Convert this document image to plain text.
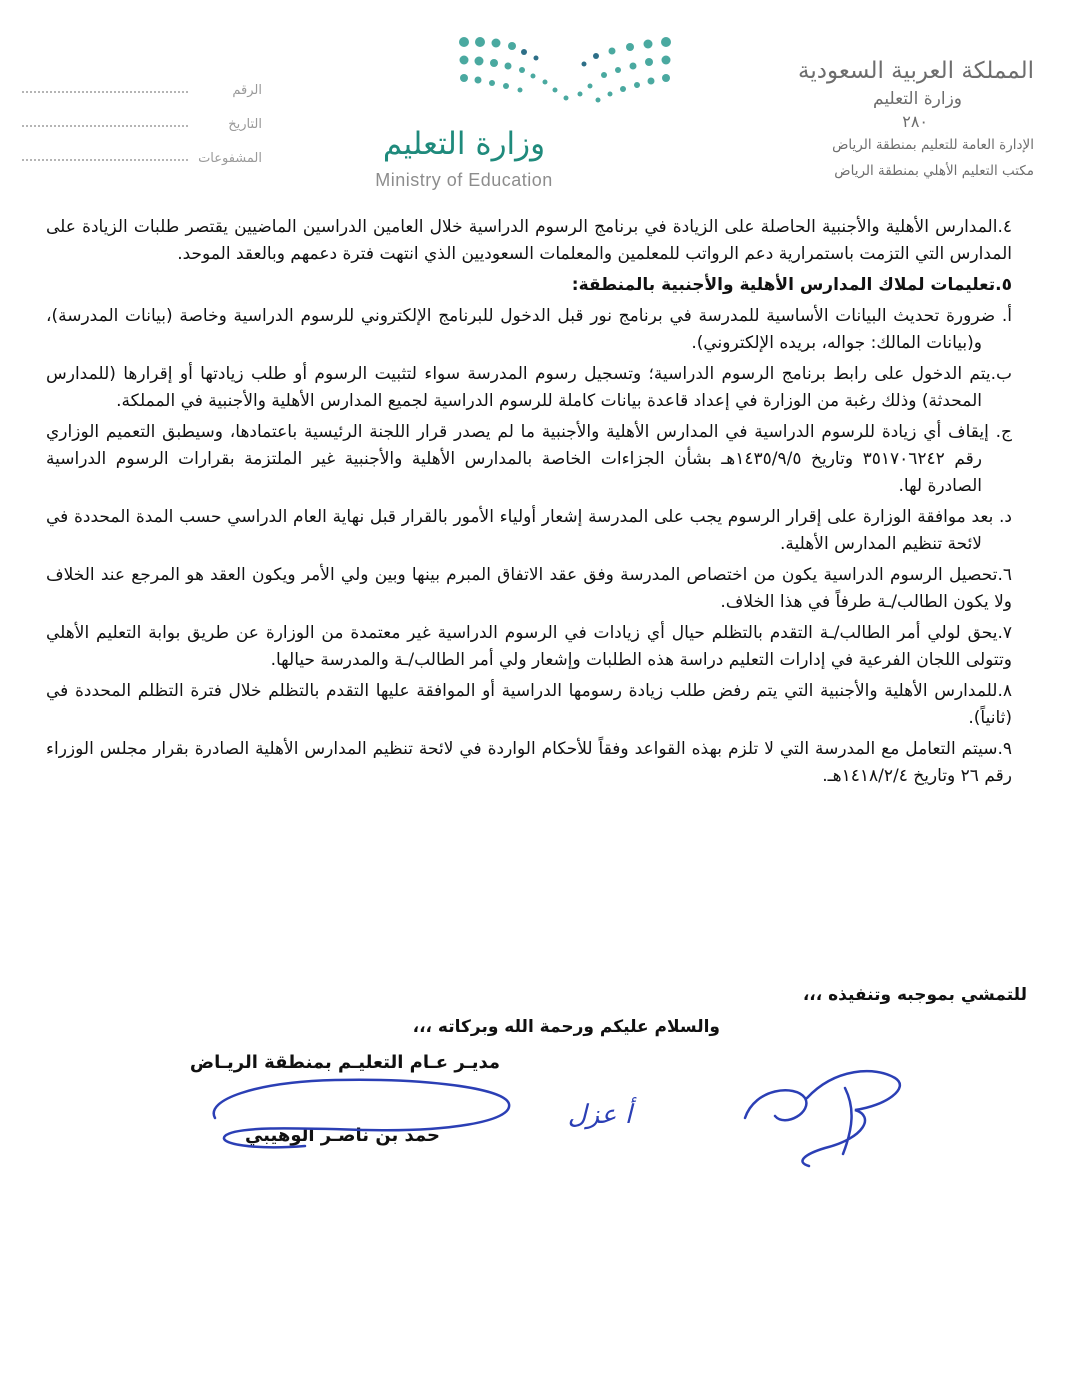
المملكة العربية السعودية
وزارة التعليم
٢٨٠
الإدارة العامة للتعليم بمنطقة الرياض
مكتب التعليم الأهلي بمنطقة الرياض
وزارة التعليم
Ministry of Education
الرقم
التاريخ
المشفوعات

٤.المدارس الأهلية والأجنبية الحاصلة على الزيادة في برنامج الرسوم الدراسية خلال العامين الدراسين الماضيين يقتصر طلبات الزيادة على المدارس التي التزمت باستمرارية دعم الرواتب للمعلمين والمعلمات السعوديين الذي انتهت فترة دعمهم وبالعقد الموحد.

٥.تعليمات لملاك المدارس الأهلية والأجنبية بالمنطقة:

أ. ضرورة تحديث البيانات الأساسية للمدرسة في برنامج نور قبل الدخول للبرنامج الإلكتروني للرسوم الدراسية وخاصة (بيانات المدرسة)، و(بيانات المالك: جواله، بريده الإلكتروني).

ب.يتم الدخول على رابط برنامج الرسوم الدراسية؛ وتسجيل رسوم المدرسة سواء لتثبيت الرسوم أو طلب زيادتها أو إقرارها (للمدارس المحدثة) وذلك رغبة من الوزارة في إعداد قاعدة بيانات كاملة للرسوم الدراسية لجميع المدارس الأهلية والأجنبية في المملكة.

ج. إيقاف أي زيادة للرسوم الدراسية في المدارس الأهلية والأجنبية ما لم يصدر قرار اللجنة الرئيسية باعتمادها، وسيطبق التعميم الوزاري رقم ٣٥١٧٠٦٢٤٢ وتاريخ ١٤٣٥/٩/٥هـ بشأن الجزاءات الخاصة بالمدارس الأهلية والأجنبية غير الملتزمة بقرارات الرسوم الدراسية الصادرة لها.

د. بعد موافقة الوزارة على إقرار الرسوم يجب على المدرسة إشعار أولياء الأمور بالقرار قبل نهاية العام الدراسي حسب المدة المحددة في لائحة تنظيم المدارس الأهلية.

٦.تحصيل الرسوم الدراسية يكون من اختصاص المدرسة وفق عقد الاتفاق المبرم بينها وبين ولي الأمر ويكون العقد هو المرجع عند الخلاف ولا يكون الطالب/ـة طرفاً في هذا الخلاف.

٧.يحق لولي أمر الطالب/ـة التقدم بالتظلم حيال أي زيادات في الرسوم الدراسية غير معتمدة من الوزارة عن طريق بوابة التعليم الأهلي وتتولى اللجان الفرعية في إدارات التعليم دراسة هذه الطلبات وإشعار ولي أمر الطالب/ـة والمدرسة حيالها.

٨.للمدارس الأهلية والأجنبية التي يتم رفض طلب زيادة رسومها الدراسية أو الموافقة عليها التقدم بالتظلم خلال فترة التظلم المحددة في (ثانياً).

٩.سيتم التعامل مع المدرسة التي لا تلزم بهذه القواعد وفقاً للأحكام الواردة في لائحة تنظيم المدارس الأهلية الصادرة بقرار مجلس الوزراء رقم ٢٦ وتاريخ ١٤١٨/٢/٤هـ.

للتمشي بموجبه وتنفيذه ،،،
والسلام عليكم ورحمة الله وبركاته ،،،
مديـر عـام التعليـم بمنطقة الريـاض
حمد بن ناصـر الوهيبي
أ عزل
